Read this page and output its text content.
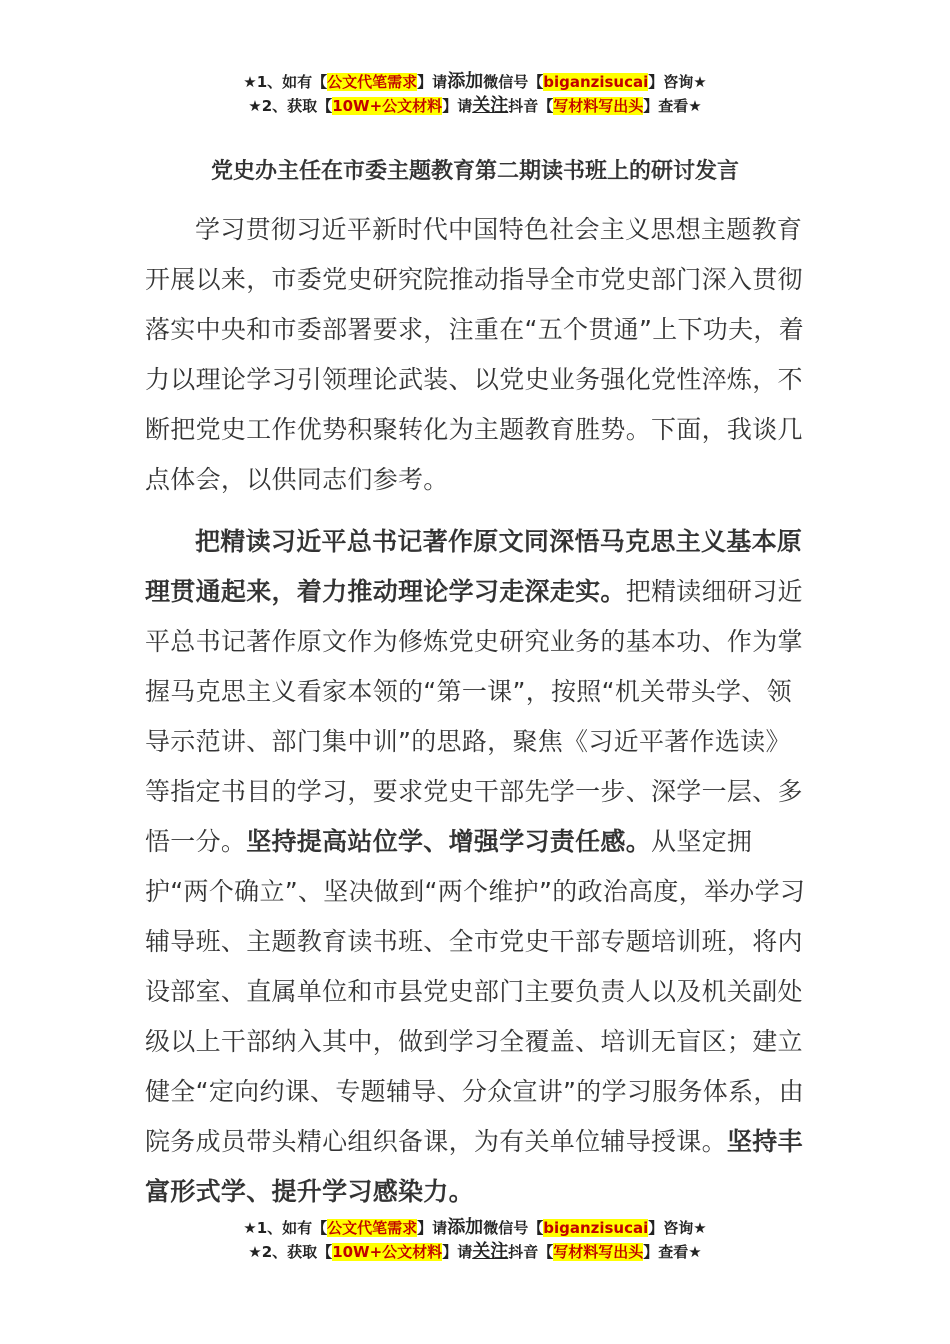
★1、如有【公文代笔需求】请添加微信号【biganzisucai】咨询★
★2、获取【10W+公文材料】请关注抖音【写材料写出头】查看★
党史办主任在市委主题教育第二期读书班上的研讨发言

学习贯彻习近平新时代中国特色社会主义思想主题教育开展以来，市委党史研究院推动指导全市党史部门深入贯彻落实中央和市委部署要求，注重在“五个贯通”上下功夫，着力以理论学习引领理论武装、以党史业务强化党性淬炼，不断把党史工作优势积聚转化为主题教育胜势。下面，我谈几点体会，以供同志们参考。

把精读习近平总书记著作原文同深悟马克思主义基本原理贯通起来，着力推动理论学习走深走实。把精读细研习近平总书记著作原文作为修炼党史研究业务的基本功、作为掌握马克思主义看家本领的“第一课”，按照“机关带头学、领导示范讲、部门集中训”的思路，聚焦《习近平著作选读》等指定书目的学习，要求党史干部先学一步、深学一层、多悟一分。坚持提高站位学、增强学习责任感。从坚定拥护“两个确立”、坚决做到“两个维护”的政治高度，举办学习辅导班、主题教育读书班、全市党史干部专题培训班，将内设部室、直属单位和市县党史部门主要负责人以及机关副处级以上干部纳入其中，做到学习全覆盖、培训无盲区；建立健全“定向约课、专题辅导、分众宣讲”的学习服务体系，由院务成员带头精心组织备课，为有关单位辅导授课。坚持丰富形式学、提升学习感染力。

★1、如有【公文代笔需求】请添加微信号【biganzisucai】咨询★
★2、获取【10W+公文材料】请关注抖音【写材料写出头】查看★
